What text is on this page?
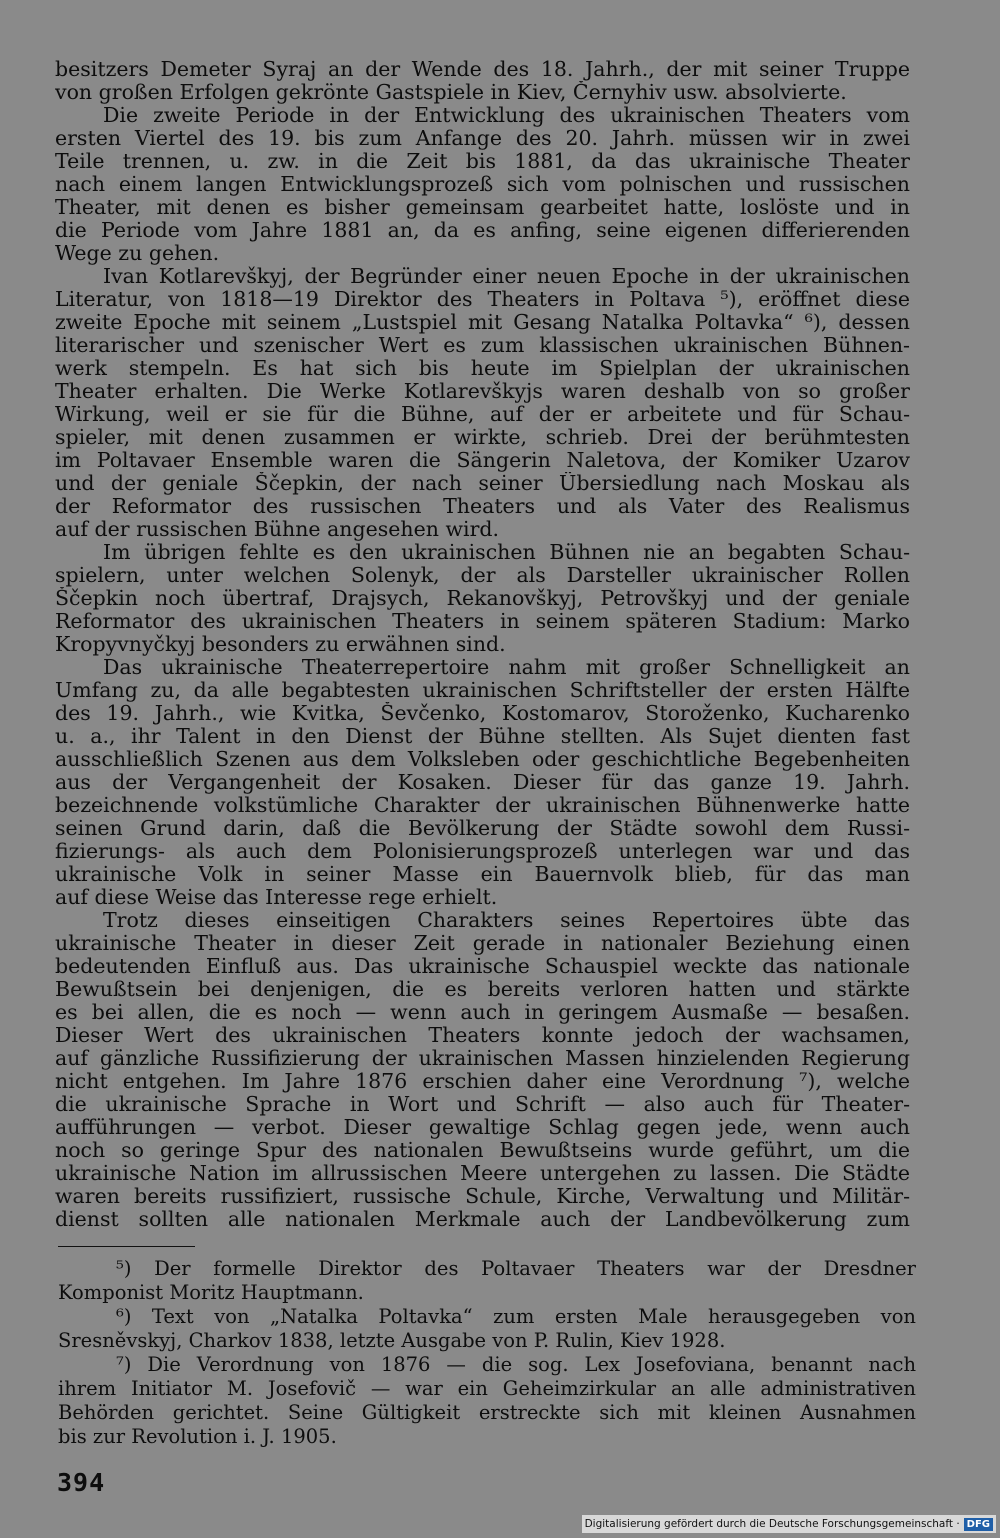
besitzers Demeter Syraj an der Wende des 18. Jahrh., der mit seiner Truppe

von großen Erfolgen gekrönte Gastspiele in Kiev, Černyhiv usw. absolvierte.

Die zweite Periode in der Entwicklung des ukrainischen Theaters vom

ersten Viertel des 19. bis zum Anfange des 20. Jahrh. müssen wir in zwei

Teile trennen, u. zw. in die Zeit bis 1881, da das ukrainische Theater

nach einem langen Entwicklungsprozeß sich vom polnischen und russischen

Theater, mit denen es bisher gemeinsam gearbeitet hatte, loslöste und in

die Periode vom Jahre 1881 an, da es anfing, seine eigenen differierenden

Wege zu gehen.

Ivan Kotlarevškyj, der Begründer einer neuen Epoche in der ukrainischen

Literatur, von 1818—19 Direktor des Theaters in Poltava ⁵), eröffnet diese

zweite Epoche mit seinem „Lustspiel mit Gesang Natalka Poltavka“ ⁶), dessen

literarischer und szenischer Wert es zum klassischen ukrainischen Bühnen-

werk stempeln. Es hat sich bis heute im Spielplan der ukrainischen

Theater erhalten. Die Werke Kotlarevškyjs waren deshalb von so großer

Wirkung, weil er sie für die Bühne, auf der er arbeitete und für Schau-

spieler, mit denen zusammen er wirkte, schrieb. Drei der berühmtesten

im Poltavaer Ensemble waren die Sängerin Naletova, der Komiker Uzarov

und der geniale Ščepkin, der nach seiner Übersiedlung nach Moskau als

der Reformator des russischen Theaters und als Vater des Realismus

auf der russischen Bühne angesehen wird.

Im übrigen fehlte es den ukrainischen Bühnen nie an begabten Schau-

spielern, unter welchen Solenyk, der als Darsteller ukrainischer Rollen

Ščepkin noch übertraf, Drajsych, Rekanovškyj, Petrovškyj und der geniale

Reformator des ukrainischen Theaters in seinem späteren Stadium: Marko

Kropyvnyčkyj besonders zu erwähnen sind.

Das ukrainische Theaterrepertoire nahm mit großer Schnelligkeit an

Umfang zu, da alle begabtesten ukrainischen Schriftsteller der ersten Hälfte

des 19. Jahrh., wie Kvitka, Ševčenko, Kostomarov, Storoženko, Kucharenko

u. a., ihr Talent in den Dienst der Bühne stellten. Als Sujet dienten fast

ausschließlich Szenen aus dem Volksleben oder geschichtliche Begebenheiten

aus der Vergangenheit der Kosaken. Dieser für das ganze 19. Jahrh.

bezeichnende volkstümliche Charakter der ukrainischen Bühnenwerke hatte

seinen Grund darin, daß die Bevölkerung der Städte sowohl dem Russi-

fizierungs- als auch dem Polonisierungsprozeß unterlegen war und das

ukrainische Volk in seiner Masse ein Bauernvolk blieb, für das man

auf diese Weise das Interesse rege erhielt.

Trotz dieses einseitigen Charakters seines Repertoires übte das

ukrainische Theater in dieser Zeit gerade in nationaler Beziehung einen

bedeutenden Einfluß aus. Das ukrainische Schauspiel weckte das nationale

Bewußtsein bei denjenigen, die es bereits verloren hatten und stärkte

es bei allen, die es noch — wenn auch in geringem Ausmaße — besaßen.

Dieser Wert des ukrainischen Theaters konnte jedoch der wachsamen,

auf gänzliche Russifizierung der ukrainischen Massen hinzielenden Regierung

nicht entgehen. Im Jahre 1876 erschien daher eine Verordnung ⁷), welche

die ukrainische Sprache in Wort und Schrift — also auch für Theater-

aufführungen — verbot. Dieser gewaltige Schlag gegen jede, wenn auch

noch so geringe Spur des nationalen Bewußtseins wurde geführt, um die

ukrainische Nation im allrussischen Meere untergehen zu lassen. Die Städte

waren bereits russifiziert, russische Schule, Kirche, Verwaltung und Militär-

dienst sollten alle nationalen Merkmale auch der Landbevölkerung zum

⁵) Der formelle Direktor des Poltavaer Theaters war der Dresdner

Komponist Moritz Hauptmann.

⁶) Text von „Natalka Poltavka“ zum ersten Male herausgegeben von

Sresněvskyj, Charkov 1838, letzte Ausgabe von P. Rulin, Kiev 1928.

⁷) Die Verordnung von 1876 — die sog. Lex Josefoviana, benannt nach

ihrem Initiator M. Josefovič — war ein Geheimzirkular an alle administrativen

Behörden gerichtet. Seine Gültigkeit erstreckte sich mit kleinen Ausnahmen

bis zur Revolution i. J. 1905.

394
Digitalisierung gefördert durch die Deutsche Forschungsgemeinschaft · DFG
